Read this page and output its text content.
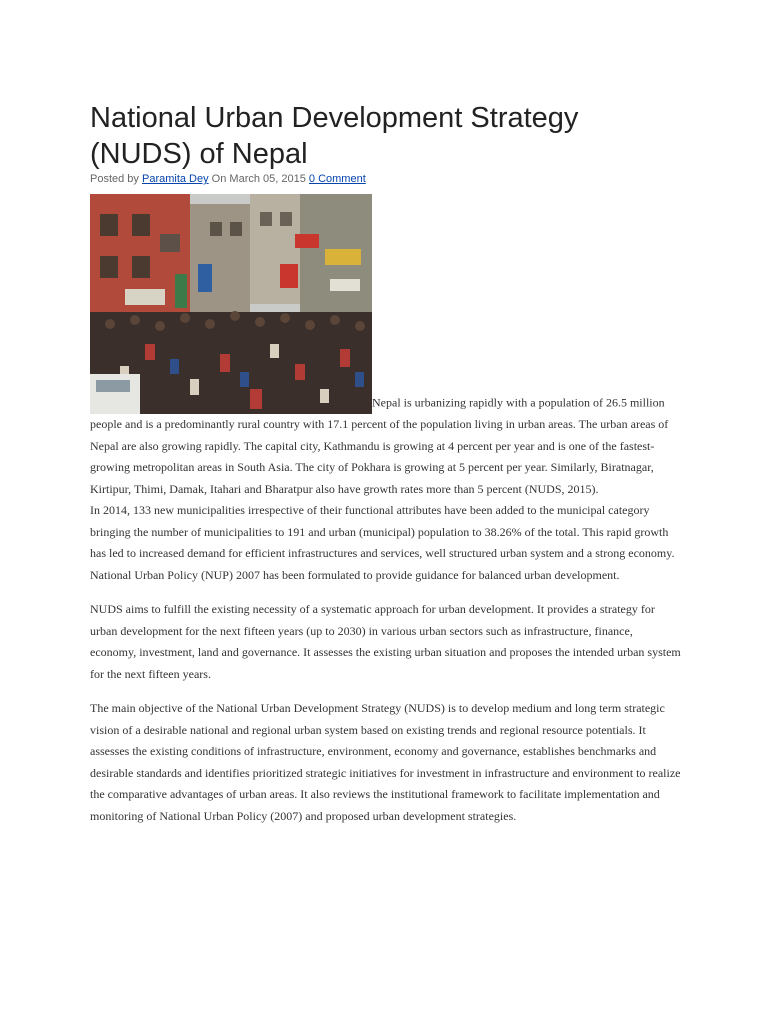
National Urban Development Strategy (NUDS) of Nepal

Posted by Paramita Dey On March 05, 2015 0 Comment

Nepal is urbanizing rapidly with a population of 26.5 million people and is a predominantly rural country with 17.1 percent of the population living in urban areas. The urban areas of Nepal are also growing rapidly. The capital city, Kathmandu is growing at 4 percent per year and is one of the fastest-growing metropolitan areas in South Asia. The city of Pokhara is growing at 5 percent per year. Similarly, Biratnagar, Kirtipur, Thimi, Damak, Itahari and Bharatpur also have growth rates more than 5 percent (NUDS, 2015).

In 2014, 133 new municipalities irrespective of their functional attributes have been added to the municipal category bringing the number of municipalities to 191 and urban (municipal) population to 38.26% of the total. This rapid growth has led to increased demand for efficient infrastructures and services, well structured urban system and a strong economy. National Urban Policy (NUP) 2007 has been formulated to provide guidance for balanced urban development.

NUDS aims to fulfill the existing necessity of a systematic approach for urban development. It provides a strategy for urban development for the next fifteen years (up to 2030) in various urban sectors such as infrastructure, finance, economy, investment, land and governance. It assesses the existing urban situation and proposes the intended urban system for the next fifteen years.

The main objective of the National Urban Development Strategy (NUDS) is to develop medium and long term strategic vision of a desirable national and regional urban system based on existing trends and regional resource potentials. It assesses the existing conditions of infrastructure, environment, economy and governance, establishes benchmarks and desirable standards and identifies prioritized strategic initiatives for investment in infrastructure and environment to realize the comparative advantages of urban areas. It also reviews the institutional framework to facilitate implementation and monitoring of National Urban Policy (2007) and proposed urban development strategies.
